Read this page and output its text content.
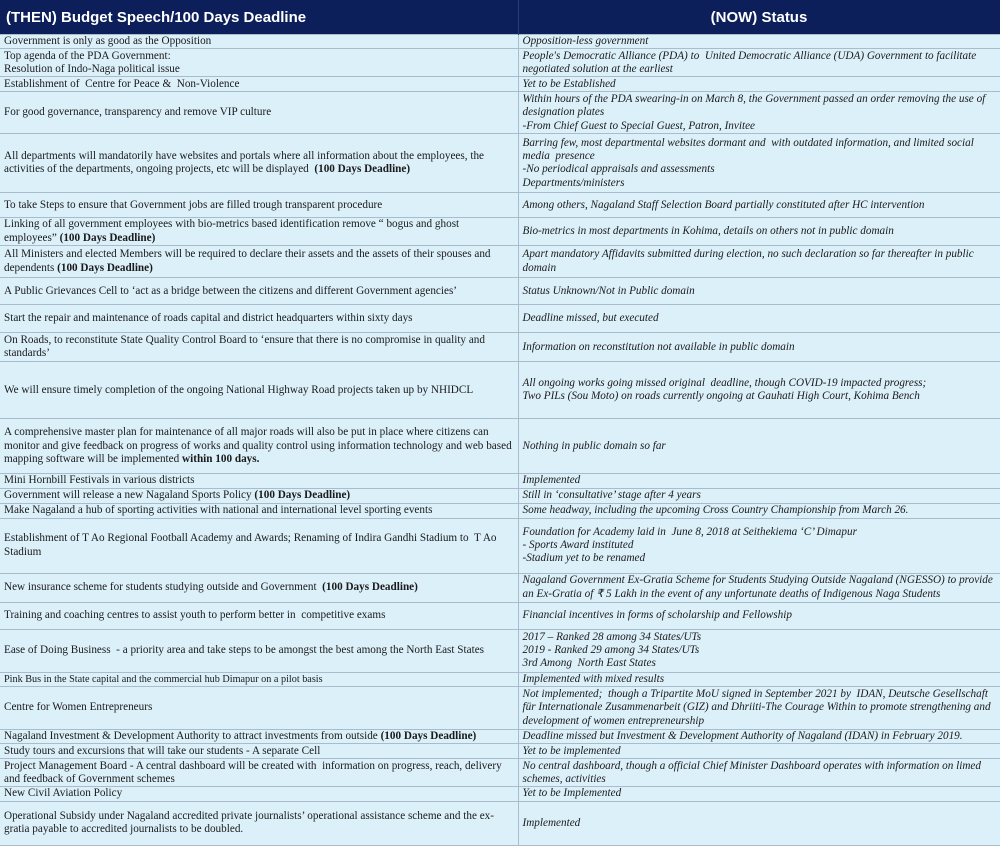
(THEN) Budget Speech/100 Days Deadline	(NOW) Status

Government is only as good as the Opposition	Opposition-less government

Top agenda of the PDA Government:
Resolution of Indo-Naga political issue	People's Democratic Alliance (PDA) to  United Democratic Alliance (UDA) Government to facilitate negotiated solution at the earliest

Establishment of  Centre for Peace &  Non-Violence	Yet to be Established

For good governance, transparency and remove VIP culture	Within hours of the PDA swearing-in on March 8, the Government passed an order removing the use of designation plates
-From Chief Guest to Special Guest, Patron, Invitee

All departments will mandatorily have websites and portals where all information about the employees, the activities of the departments, ongoing projects, etc will be displayed  (100 Days Deadline)	Barring few, most departmental websites dormant and  with outdated information, and limited social media  presence
-No periodical appraisals and assessments
Departments/ministers

To take Steps to ensure that Government jobs are filled trough transparent procedure	Among others, Nagaland Staff Selection Board partially constituted after HC intervention

Linking of all government employees with bio-metrics based identification remove “ bogus and ghost employees” (100 Days Deadline)	Bio-metrics in most departments in Kohima, details on others not in public domain

All Ministers and elected Members will be required to declare their assets and the assets of their spouses and dependents (100 Days Deadline)	Apart mandatory Affidavits submitted during election, no such declaration so far thereafter in public domain

A Public Grievances Cell to ‘act as a bridge between the citizens and different Government agencies’	Status Unknown/Not in Public domain

Start the repair and maintenance of roads capital and district headquarters within sixty days	Deadline missed, but executed

On Roads, to reconstitute State Quality Control Board to ‘ensure that there is no compromise in quality and standards’	Information on reconstitution not available in public domain

We will ensure timely completion of the ongoing National Highway Road projects taken up by NHIDCL	All ongoing works going missed original  deadline, though COVID-19 impacted progress;
Two PILs (Sou Moto) on roads currently ongoing at Gauhati High Court, Kohima Bench

A comprehensive master plan for maintenance of all major roads will also be put in place where citizens can monitor and give feedback on progress of works and quality control using information technology and web based mapping software will be implemented within 100 days.	Nothing in public domain so far

Mini Hornbill Festivals in various districts	Implemented

Government will release a new Nagaland Sports Policy (100 Days Deadline)	Still in ‘consultative’ stage after 4 years

Make Nagaland a hub of sporting activities with national and international level sporting events	Some headway, including the upcoming Cross Country Championship from March 26.

Establishment of T Ao Regional Football Academy and Awards; Renaming of Indira Gandhi Stadium to  T Ao Stadium	Foundation for Academy laid in  June 8, 2018 at Seithekiema ‘C’ Dimapur
- Sports Award instituted
-Stadium yet to be renamed

New insurance scheme for students studying outside and Government  (100 Days Deadline)	Nagaland Government Ex-Gratia Scheme for Students Studying Outside Nagaland (NGESSO) to provide an Ex-Gratia of ₹ 5 Lakh in the event of any unfortunate deaths of Indigenous Naga Students

Training and coaching centres to assist youth to perform better in  competitive exams	Financial incentives in forms of scholarship and Fellowship

Ease of Doing Business  - a priority area and take steps to be amongst the best among the North East States	2017 – Ranked 28 among 34 States/UTs
2019 - Ranked 29 among 34 States/UTs
3rd Among  North East States

Pink Bus in the State capital and the commercial hub Dimapur on a pilot basis	Implemented with mixed results

Centre for Women Entrepreneurs	Not implemented;  though a Tripartite MoU signed in September 2021 by  IDAN, Deutsche Gesellschaft für Internationale Zusammenarbeit (GIZ) and Dhriiti-The Courage Within to promote strengthening and development of women entrepreneurship

Nagaland Investment & Development Authority to attract investments from outside (100 Days Deadline)	Deadline missed but Investment & Development Authority of Nagaland (IDAN) in February 2019.

Study tours and excursions that will take our students - A separate Cell	Yet to be implemented

Project Management Board - A central dashboard will be created with  information on progress, reach, delivery and feedback of Government schemes	No central dashboard, though a official Chief Minister Dashboard operates with information on limed schemes, activities

New Civil Aviation Policy	Yet to be Implemented

Operational Subsidy under Nagaland accredited private journalists’ operational assistance scheme and the ex-gratia payable to accredited journalists to be doubled.	Implemented
